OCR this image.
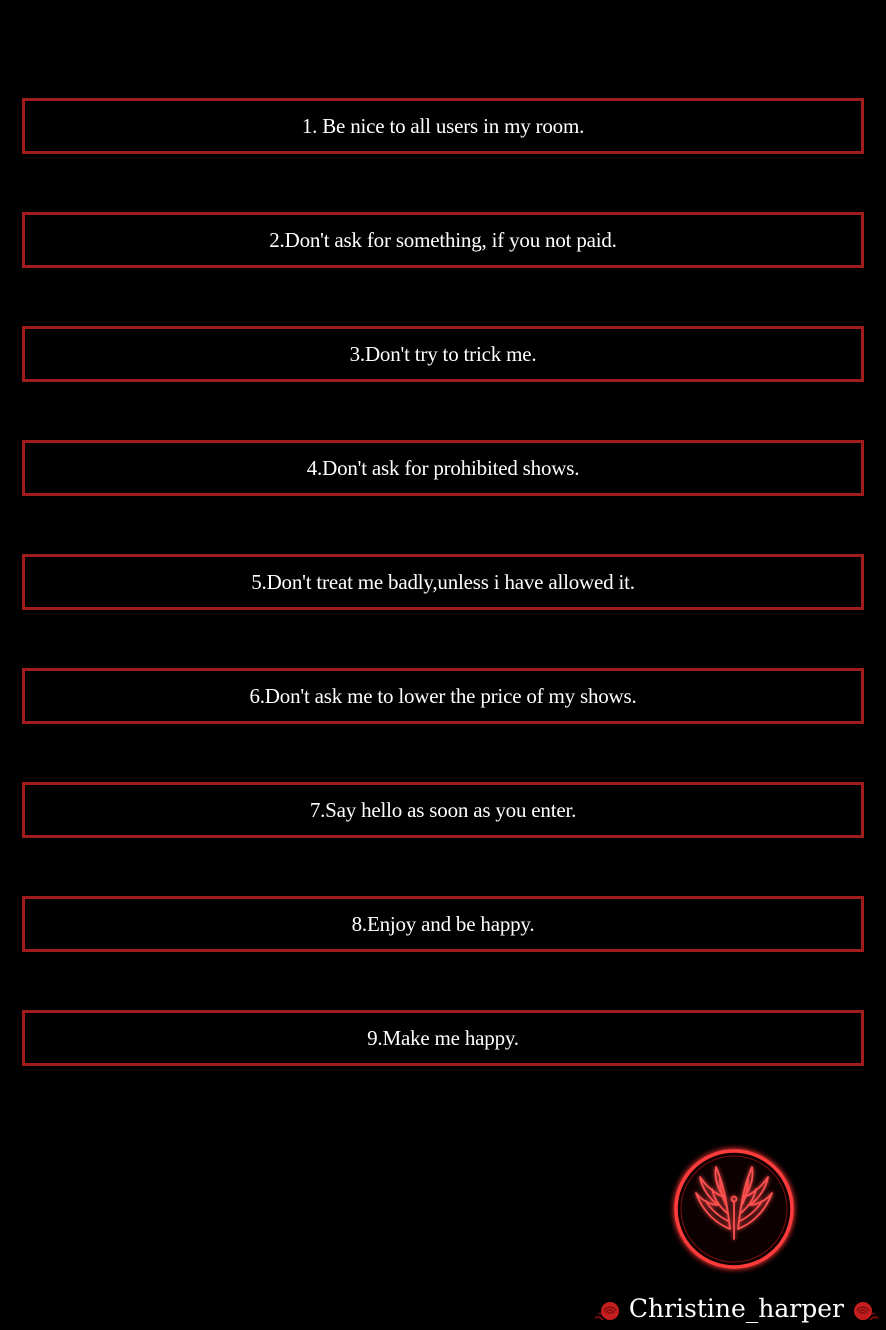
1. Be nice to all users in my room.
2.Don't ask for something, if you not paid.
3.Don't try to trick me.
4.Don't ask for prohibited shows.
5.Don't treat me badly,unless i have allowed it.
6.Don't ask me to lower the price of my shows.
7.Say hello as soon as you enter.
8.Enjoy and be happy.
9.Make me happy.
Christine_harper
